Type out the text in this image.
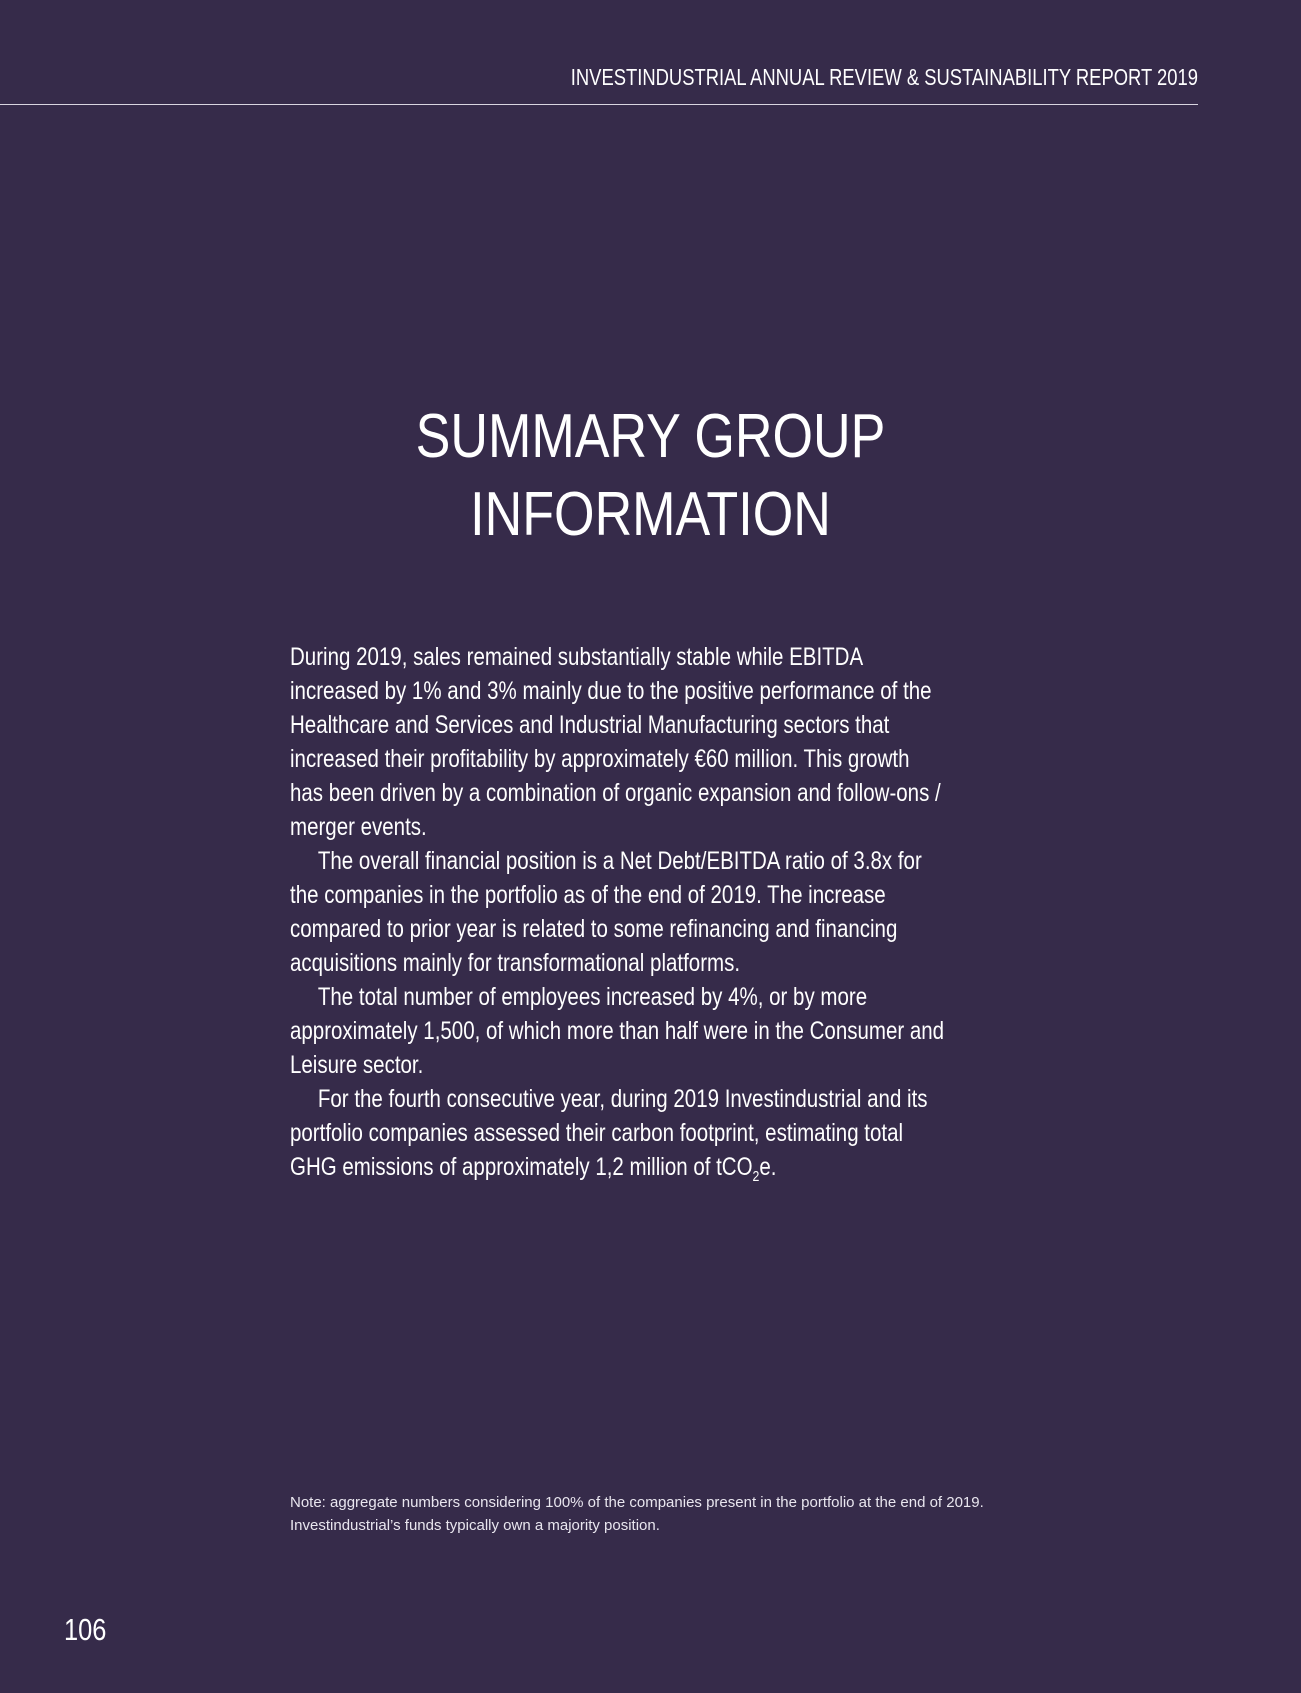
INVESTINDUSTRIAL ANNUAL REVIEW & SUSTAINABILITY REPORT 2019
SUMMARY GROUP
INFORMATION

During 2019, sales remained substantially stable while EBITDA increased by 1% and 3% mainly due to the positive performance of the Healthcare and Services and Industrial Manufacturing sectors that increased their profitability by approximately €60 million. This growth has been driven by a combination of organic expansion and follow-ons / merger events.

The overall financial position is a Net Debt/EBITDA ratio of 3.8x for the companies in the portfolio as of the end of 2019. The increase compared to prior year is related to some refinancing and financing acquisitions mainly for transformational platforms.

The total number of employees increased by 4%, or by more approximately 1,500, of which more than half were in the Consumer and Leisure sector.

For the fourth consecutive year, during 2019 Investindustrial and its portfolio companies assessed their carbon footprint, estimating total GHG emissions of approximately 1,2 million of tCO$_2$e.

Note: aggregate numbers considering 100% of the companies present in the portfolio at the end of 2019. Investindustrial’s funds typically own a majority position.
106
